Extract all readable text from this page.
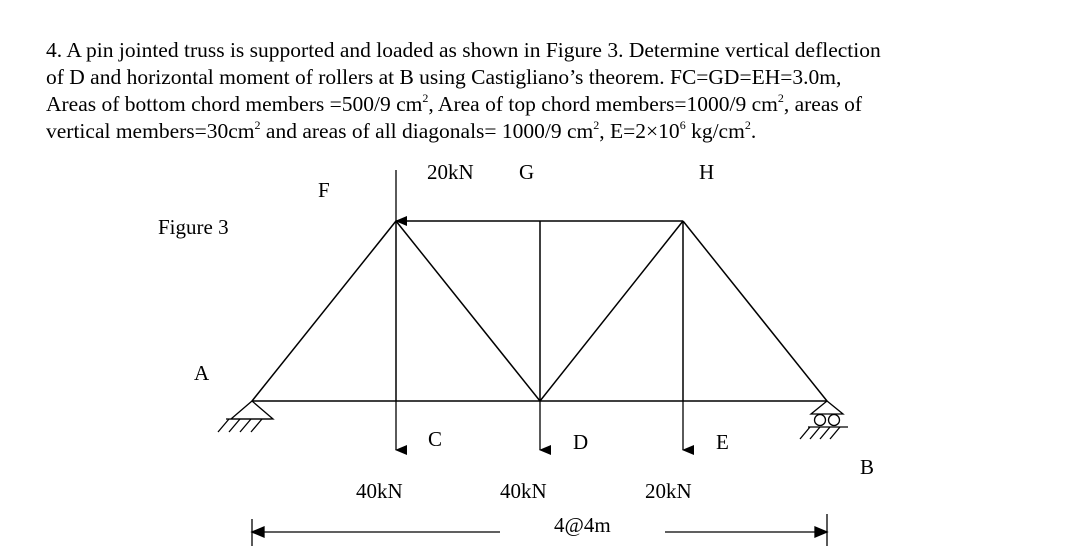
4. A pin jointed truss is supported and loaded as shown in Figure 3. Determine vertical deflection
of D and horizontal moment of rollers at B using Castigliano’s theorem. FC=GD=EH=3.0m,
Areas of bottom chord members =500/9 $cm^2$, Area of top chord members=1000/9 $cm^2$, areas of
vertical $members=30cm^2$ and areas of all diagonals= 1000/9 $cm^2$, $E=2\times 10^6$ $kg/cm^2$.

Figure 3
F
20kN G	H
A
C	D	E
B
40kN	40kN	20kN
4@4m
